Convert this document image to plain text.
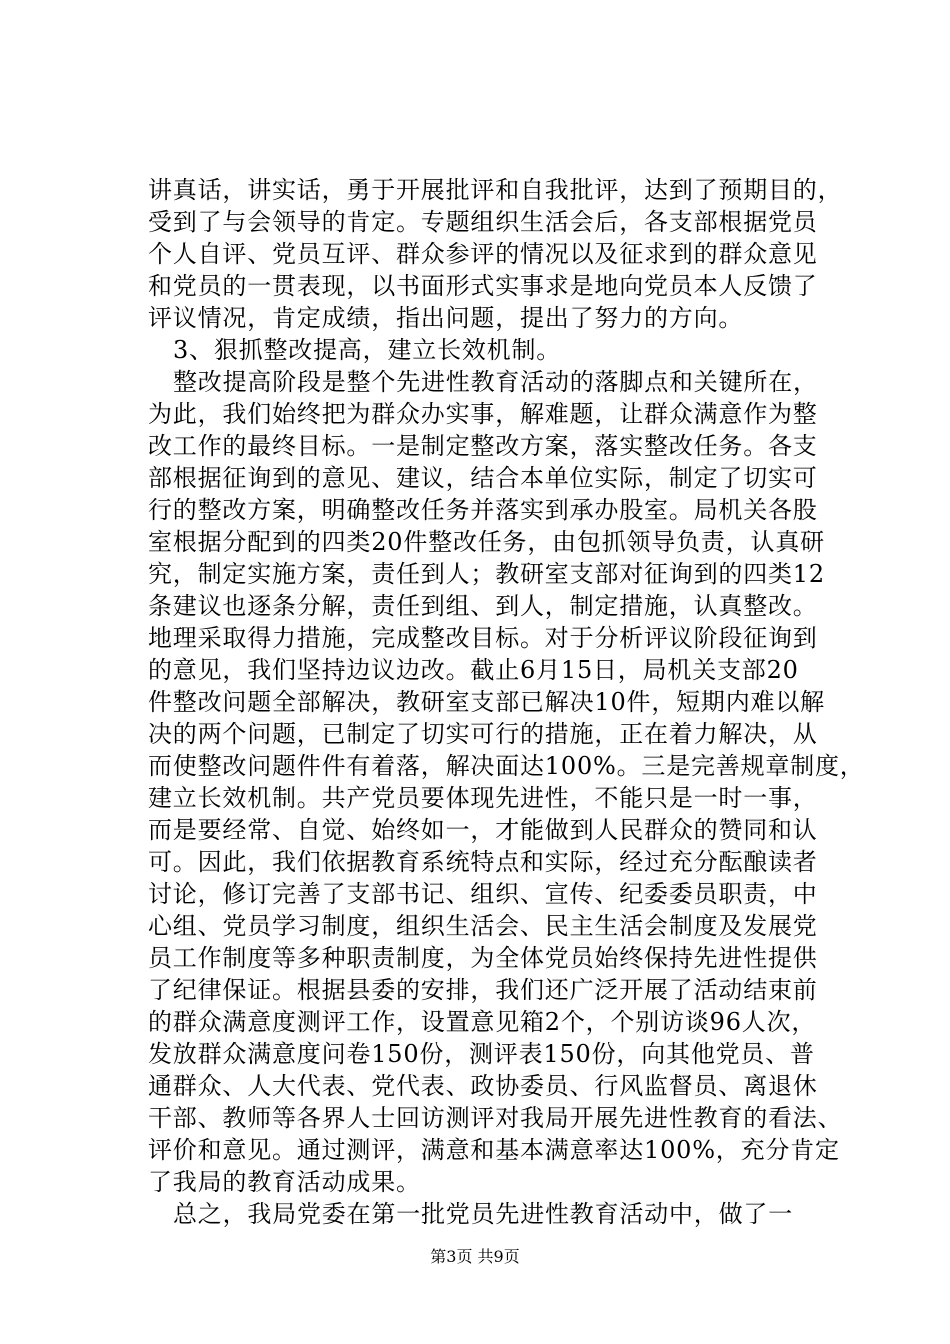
讲真话，讲实话，勇于开展批评和自我批评，达到了预期目的，
受到了与会领导的肯定。专题组织生活会后，各支部根据党员
个人自评、党员互评、群众参评的情况以及征求到的群众意见
和党员的一贯表现，以书面形式实事求是地向党员本人反馈了
评议情况，肯定成绩，指出问题，提出了努力的方向。
3、狠抓整改提高，建立长效机制。
整改提高阶段是整个先进性教育活动的落脚点和关键所在，
为此，我们始终把为群众办实事，解难题，让群众满意作为整
改工作的最终目标。一是制定整改方案，落实整改任务。各支
部根据征询到的意见、建议，结合本单位实际，制定了切实可
行的整改方案，明确整改任务并落实到承办股室。局机关各股
室根据分配到的四类20件整改任务，由包抓领导负责，认真研
究，制定实施方案，责任到人；教研室支部对征询到的四类12
条建议也逐条分解，责任到组、到人，制定措施，认真整改。
地理采取得力措施，完成整改目标。对于分析评议阶段征询到
的意见，我们坚持边议边改。截止6月15日，局机关支部20
件整改问题全部解决，教研室支部已解决10件，短期内难以解
决的两个问题，已制定了切实可行的措施，正在着力解决，从
而使整改问题件件有着落，解决面达100%。三是完善规章制度，
建立长效机制。共产党员要体现先进性，不能只是一时一事，
而是要经常、自觉、始终如一，才能做到人民群众的赞同和认
可。因此，我们依据教育系统特点和实际，经过充分酝酿读者
讨论，修订完善了支部书记、组织、宣传、纪委委员职责，中
心组、党员学习制度，组织生活会、民主生活会制度及发展党
员工作制度等多种职责制度，为全体党员始终保持先进性提供
了纪律保证。根据县委的安排，我们还广泛开展了活动结束前
的群众满意度测评工作，设置意见箱2个，个别访谈96人次，
发放群众满意度问卷150份，测评表150份，向其他党员、普
通群众、人大代表、党代表、政协委员、行风监督员、离退休
干部、教师等各界人士回访测评对我局开展先进性教育的看法、
评价和意见。通过测评，满意和基本满意率达100%，充分肯定
了我局的教育活动成果。
总之，我局党委在第一批党员先进性教育活动中，做了一
第3页 共9页
